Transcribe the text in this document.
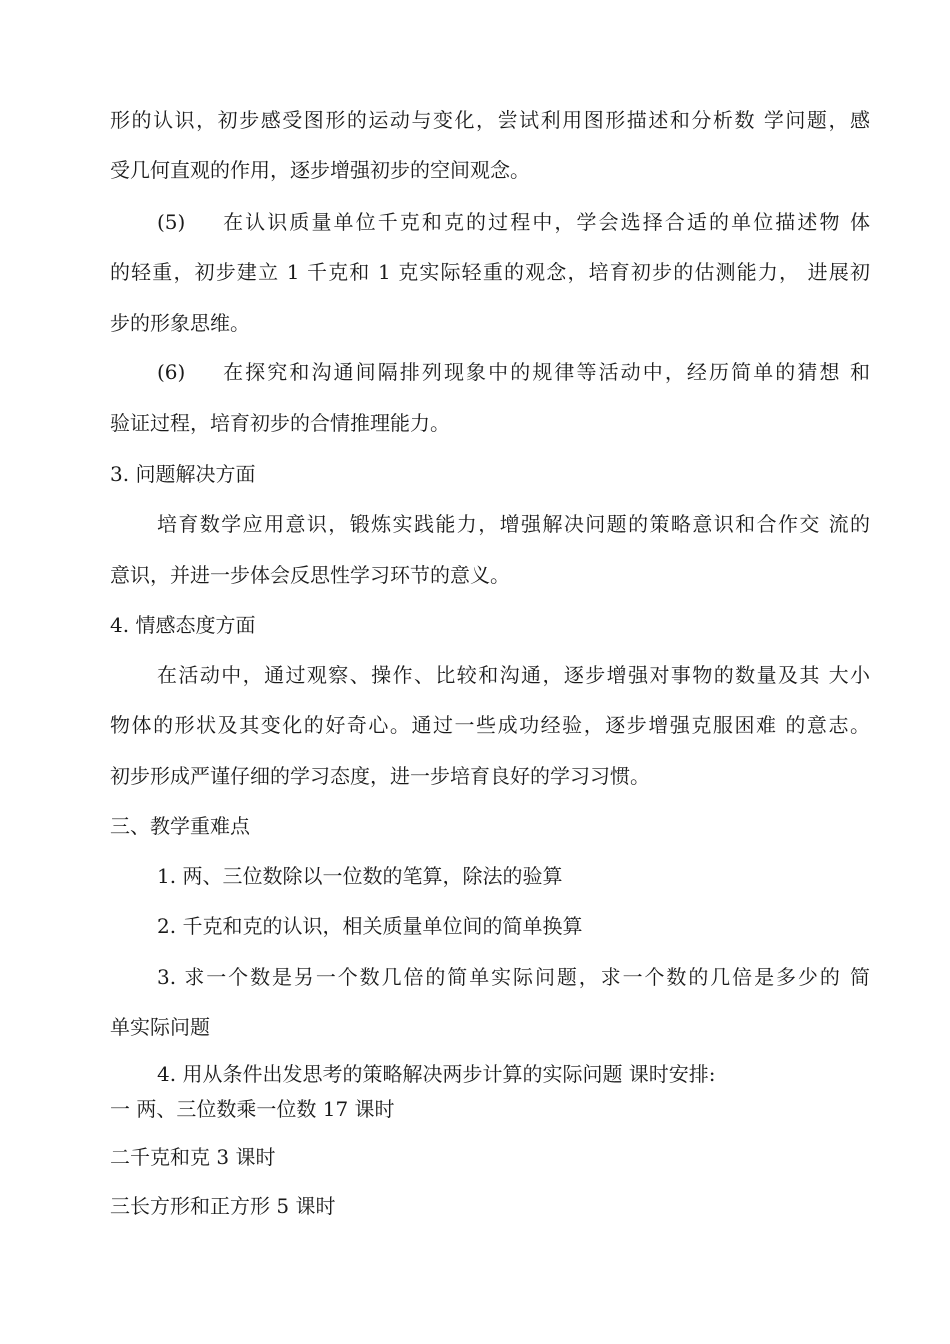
形的认识，初步感受图形的运动与变化，尝试利用图形描述和分析数 学问题，感
受几何直观的作用，逐步增强初步的空间观念。
(5) 在认识质量单位千克和克的过程中，学会选择合适的单位描述物 体
的轻重，初步建立 1 千克和 1 克实际轻重的观念，培育初步的估测能力， 进展初
步的形象思维。
(6) 在探究和沟通间隔排列现象中的规律等活动中，经历简单的猜想 和
验证过程，培育初步的合情推理能力。
3. 问题解决方面
培育数学应用意识，锻炼实践能力，增强解决问题的策略意识和合作交 流的
意识，并进一步体会反思性学习环节的意义。
4. 情感态度方面
在活动中，通过观察、操作、比较和沟通，逐步增强对事物的数量及其 大小
物体的形状及其变化的好奇心。通过一些成功经验，逐步增强克服困难 的意志。
初步形成严谨仔细的学习态度，进一步培育良好的学习习惯。
三、教学重难点
1. 两、三位数除以一位数的笔算，除法的验算
2. 千克和克的认识，相关质量单位间的简单换算
3. 求一个数是另一个数几倍的简单实际问题，求一个数的几倍是多少的 简
单实际问题
4. 用从条件出发思考的策略解决两步计算的实际问题 课时安排:
一 两、三位数乘一位数 17 课时
二千克和克 3 课时
三长方形和正方形 5 课时
